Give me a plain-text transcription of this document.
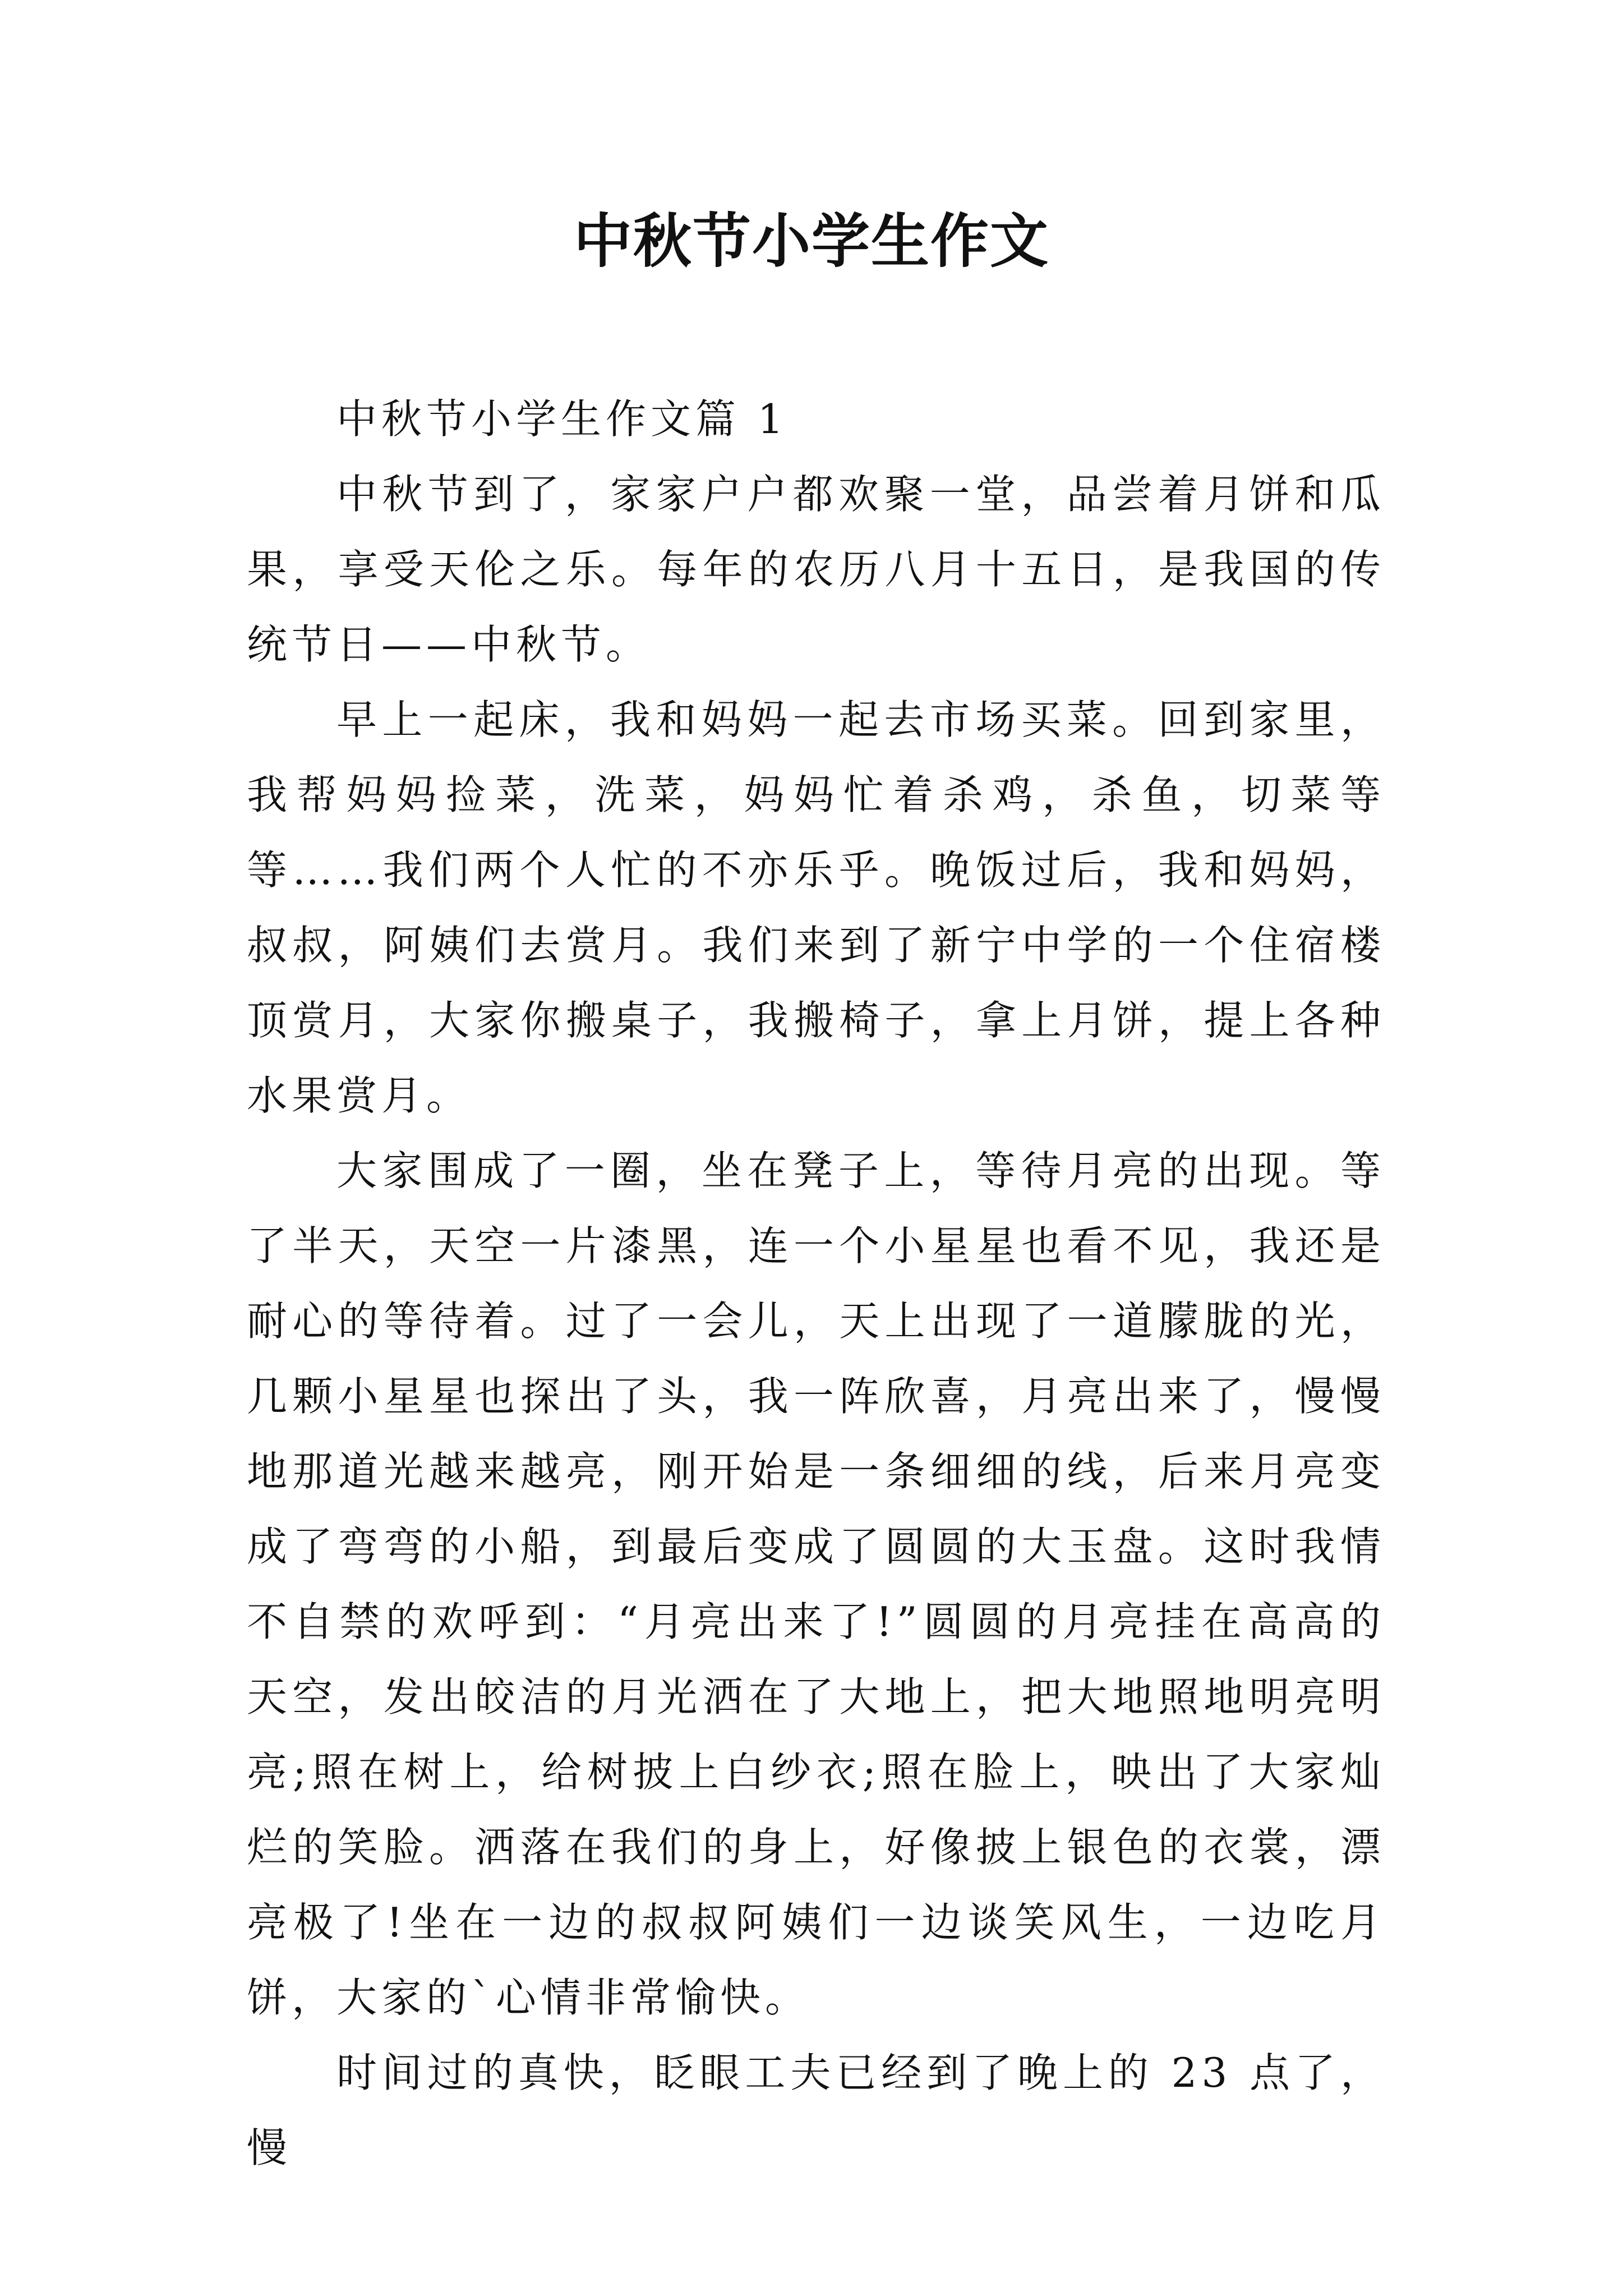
中秋节小学生作文

中秋节小学生作文篇 1

中秋节到了，家家户户都欢聚一堂，品尝着月饼和瓜果，享受天伦之乐。每年的农历八月十五日，是我国的传统节日——中秋节。

早上一起床，我和妈妈一起去市场买菜。回到家里，我帮妈妈捡菜，洗菜，妈妈忙着杀鸡，杀鱼，切菜等等……我们两个人忙的不亦乐乎。晚饭过后，我和妈妈，叔叔，阿姨们去赏月。我们来到了新宁中学的一个住宿楼顶赏月，大家你搬桌子，我搬椅子，拿上月饼，提上各种水果赏月。

大家围成了一圈，坐在凳子上，等待月亮的出现。等了半天，天空一片漆黑，连一个小星星也看不见，我还是耐心的等待着。过了一会儿，天上出现了一道朦胧的光，几颗小星星也探出了头，我一阵欣喜，月亮出来了，慢慢地那道光越来越亮，刚开始是一条细细的线，后来月亮变成了弯弯的小船，到最后变成了圆圆的大玉盘。这时我情不自禁的欢呼到：“月亮出来了!”圆圆的月亮挂在高高的天空，发出皎洁的月光洒在了大地上，把大地照地明亮明亮;照在树上，给树披上白纱衣;照在脸上，映出了大家灿烂的笑脸。洒落在我们的身上，好像披上银色的衣裳，漂亮极了!坐在一边的叔叔阿姨们一边谈笑风生，一边吃月饼，大家的`心情非常愉快。

时间过的真快，眨眼工夫已经到了晚上的 23 点了，慢
